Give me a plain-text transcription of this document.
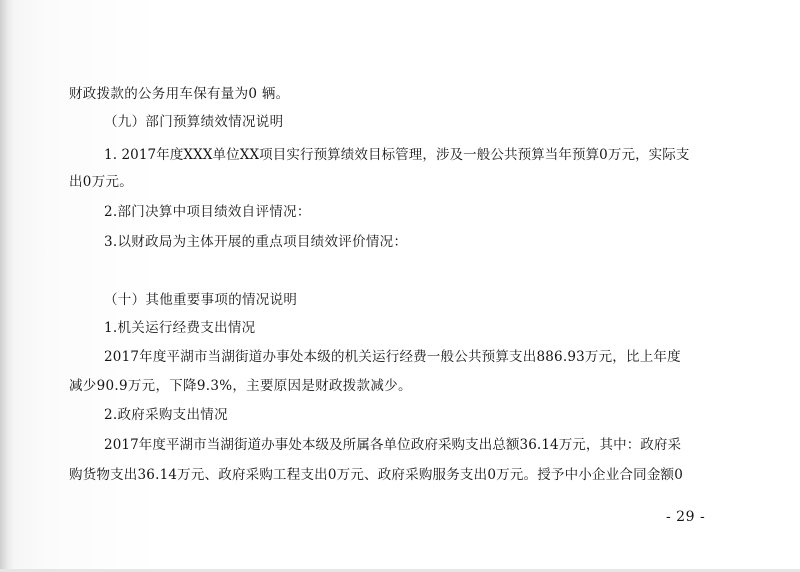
财政拨款的公务用车保有量为0 辆。
（九）部门预算绩效情况说明
1. 2017年度XXX单位XX项目实行预算绩效目标管理，涉及一般公共预算当年预算0万元，实际支
出0万元。
2.部门决算中项目绩效自评情况：
3.以财政局为主体开展的重点项目绩效评价情况：
（十）其他重要事项的情况说明
1.机关运行经费支出情况
2017年度平湖市当湖街道办事处本级的机关运行经费一般公共预算支出886.93万元，比上年度
减少90.9万元，下降9.3%，主要原因是财政拨款减少。
2.政府采购支出情况
2017年度平湖市当湖街道办事处本级及所属各单位政府采购支出总额36.14万元，其中：政府采
购货物支出36.14万元、政府采购工程支出0万元、政府采购服务支出0万元。授予中小企业合同金额0
- 29 -
